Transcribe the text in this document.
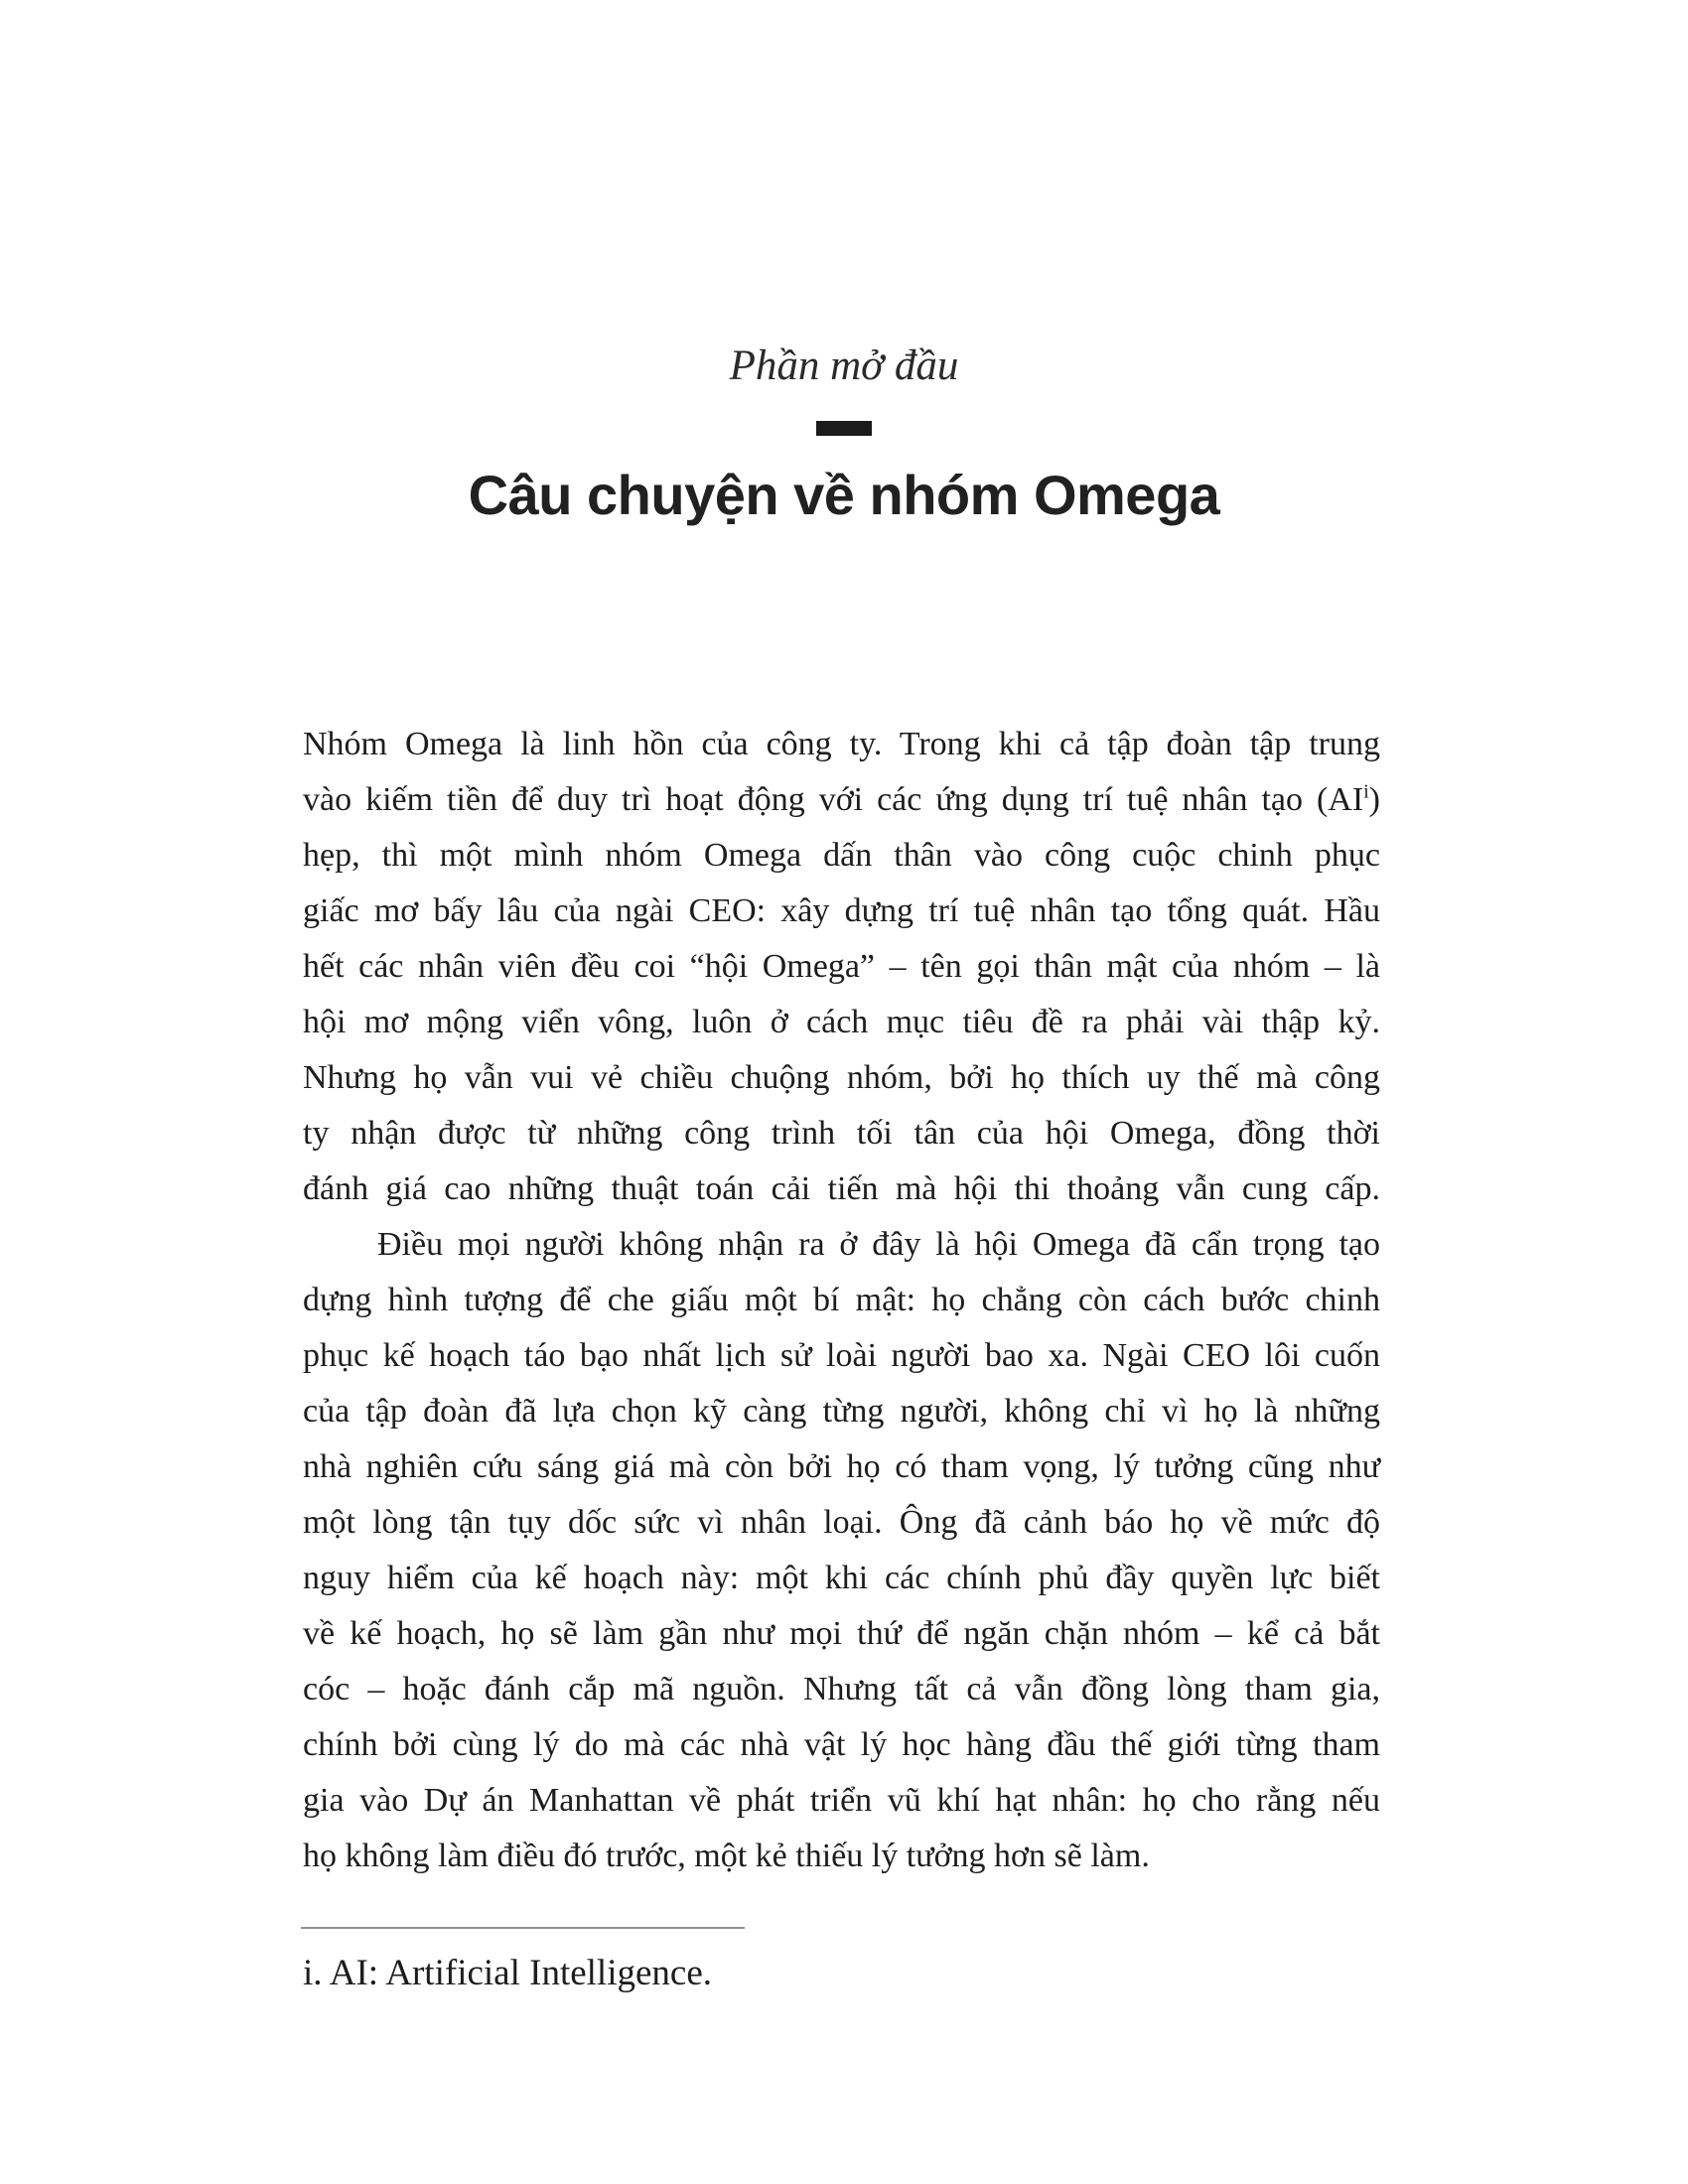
Phần mở đầu
Câu chuyện về nhóm Omega
Nhóm Omega là linh hồn của công ty. Trong khi cả tập đoàn tập trung
vào kiếm tiền để duy trì hoạt động với các ứng dụng trí tuệ nhân tạo $(AI^i)$
hẹp, thì một mình nhóm Omega dấn thân vào công cuộc chinh phục
giấc mơ bấy lâu của ngài CEO: xây dựng trí tuệ nhân tạo tổng quát. Hầu
hết các nhân viên đều coi “hội Omega” – tên gọi thân mật của nhóm – là
hội mơ mộng viển vông, luôn ở cách mục tiêu đề ra phải vài thập kỷ.
Nhưng họ vẫn vui vẻ chiều chuộng nhóm, bởi họ thích uy thế mà công
ty nhận được từ những công trình tối tân của hội Omega, đồng thời
đánh giá cao những thuật toán cải tiến mà hội thi thoảng vẫn cung cấp.
Điều mọi người không nhận ra ở đây là hội Omega đã cẩn trọng tạo
dựng hình tượng để che giấu một bí mật: họ chẳng còn cách bước chinh
phục kế hoạch táo bạo nhất lịch sử loài người bao xa. Ngài CEO lôi cuốn
của tập đoàn đã lựa chọn kỹ càng từng người, không chỉ vì họ là những
nhà nghiên cứu sáng giá mà còn bởi họ có tham vọng, lý tưởng cũng như
một lòng tận tụy dốc sức vì nhân loại. Ông đã cảnh báo họ về mức độ
nguy hiểm của kế hoạch này: một khi các chính phủ đầy quyền lực biết
về kế hoạch, họ sẽ làm gần như mọi thứ để ngăn chặn nhóm – kể cả bắt
cóc – hoặc đánh cắp mã nguồn. Nhưng tất cả vẫn đồng lòng tham gia,
chính bởi cùng lý do mà các nhà vật lý học hàng đầu thế giới từng tham
gia vào Dự án Manhattan về phát triển vũ khí hạt nhân: họ cho rằng nếu
họ không làm điều đó trước, một kẻ thiếu lý tưởng hơn sẽ làm.
i. AI: Artificial Intelligence.
